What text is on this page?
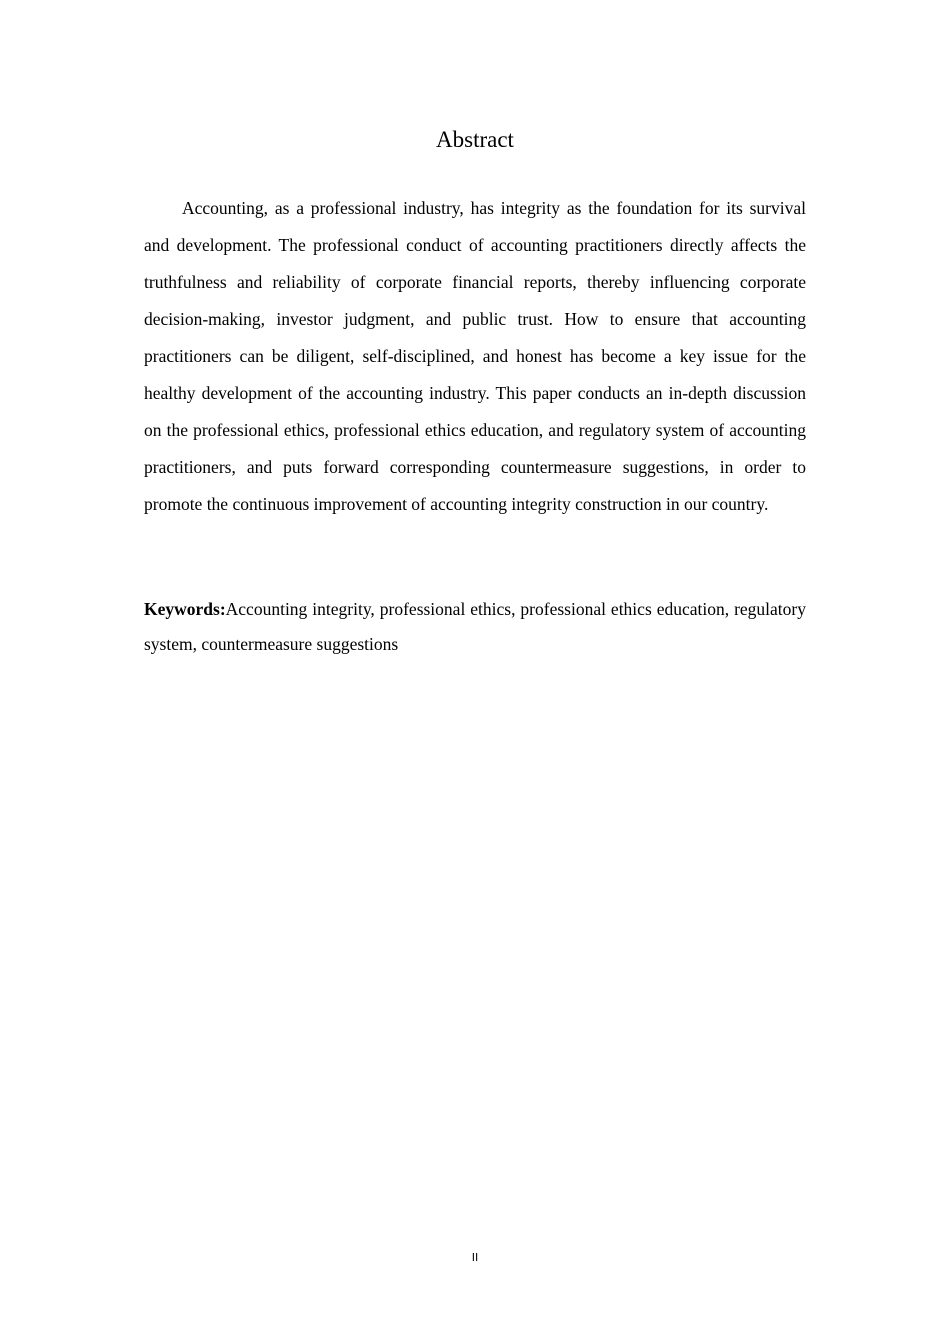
Abstract

Accounting, as a professional industry, has integrity as the foundation for its survival and development. The professional conduct of accounting practitioners directly affects the truthfulness and reliability of corporate financial reports, thereby influencing corporate decision-making, investor judgment, and public trust. How to ensure that accounting practitioners can be diligent, self-disciplined, and honest has become a key issue for the healthy development of the accounting industry. This paper conducts an in-depth discussion on the professional ethics, professional ethics education, and regulatory system of accounting practitioners, and puts forward corresponding countermeasure suggestions, in order to promote the continuous improvement of accounting integrity construction in our country.

Keywords:Accounting integrity, professional ethics, professional ethics education, regulatory system, countermeasure suggestions

II
